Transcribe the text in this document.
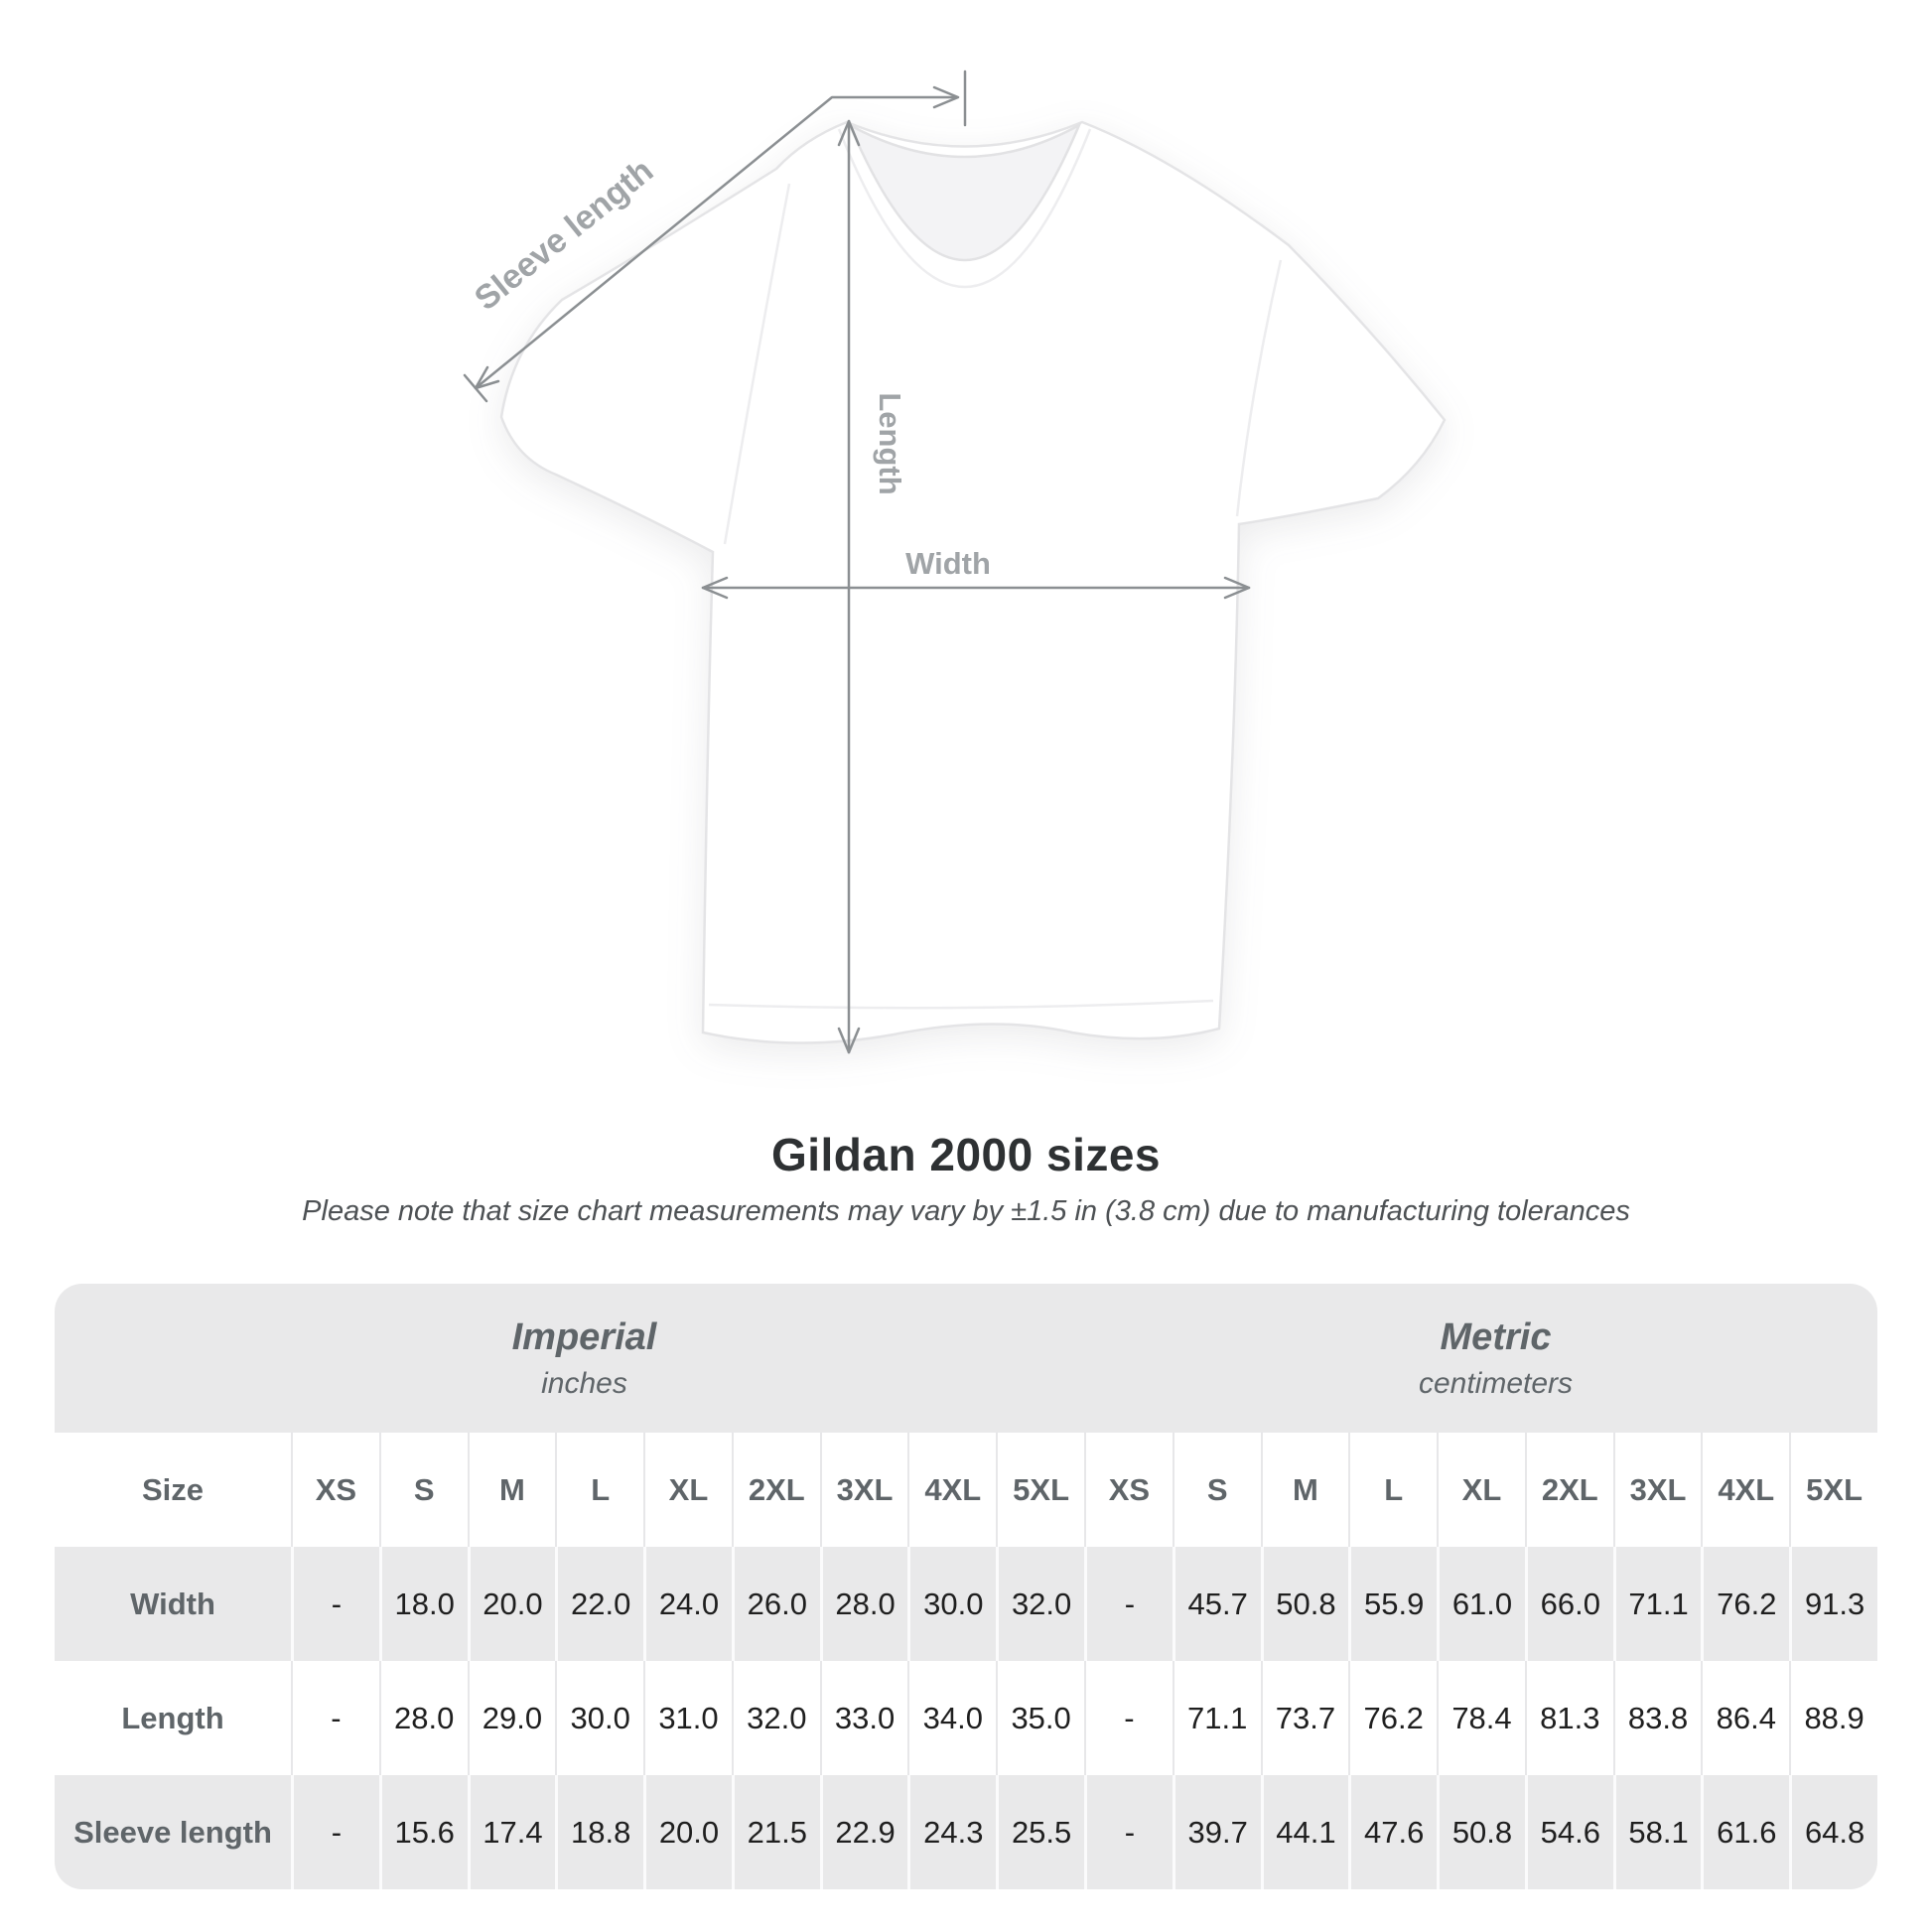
Sleeve length
Length
Width
Gildan 2000 sizes
Please note that size chart measurements may vary by ±1.5 in (3.8 cm) due to manufacturing tolerances
Imperial
inches
Metric
centimeters
Size	XS	S	M	L	XL	2XL	3XL	4XL	5XL	XS	S	M	L	XL	2XL	3XL	4XL	5XL
Width	-	18.0 20.0 22.0 24.0 26.0 28.0 30.0 32.0	-	45.7 50.8 55.9 61.0 66.0 71.1 76.2 91.3
Length	-	28.0 29.0 30.0 31.0 32.0 33.0 34.0 35.0	-	71.1 73.7 76.2 78.4 81.3 83.8 86.4 88.9
Sleeve length	-	15.6 17.4 18.8 20.0 21.5 22.9 24.3 25.5	-	39.7 44.1 47.6 50.8 54.6 58.1 61.6 64.8
